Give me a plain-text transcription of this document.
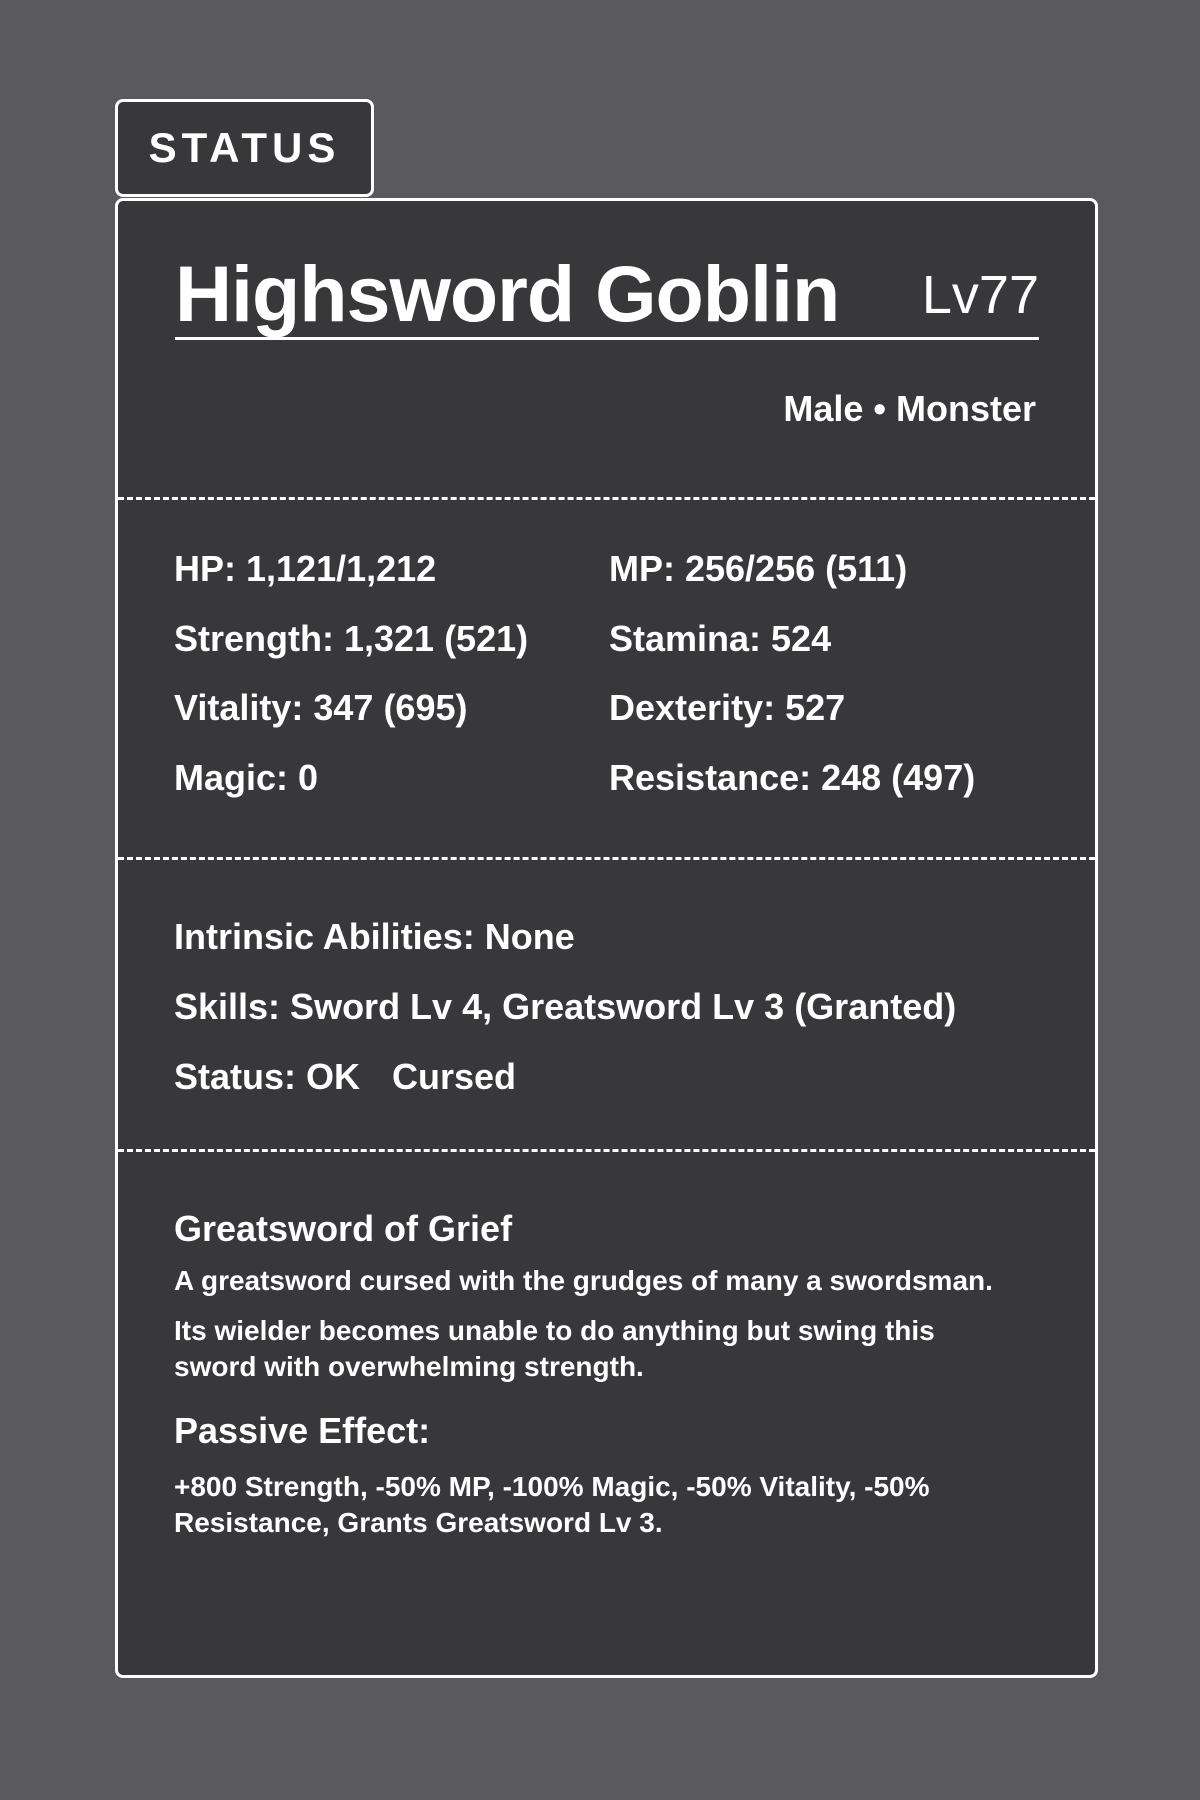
STATUS
Highsword Goblin Lv77
Male • Monster
HP: 1,121/1,212
Strength: 1,321 (521)
Vitality: 347 (695)
Magic: 0
MP: 256/256 (511)
Stamina: 524
Dexterity: 527
Resistance: 248 (497)
Intrinsic Abilities: None
Skills: Sword Lv 4, Greatsword Lv 3 (Granted)
Status: OK Cursed
Greatsword of Grief
A greatsword cursed with the grudges of many a swordsman.
Its wielder becomes unable to do anything but swing this
sword with overwhelming strength.
Passive Effect:
+800 Strength, -50% MP, -100% Magic, -50% Vitality, -50%
Resistance, Grants Greatsword Lv 3.
